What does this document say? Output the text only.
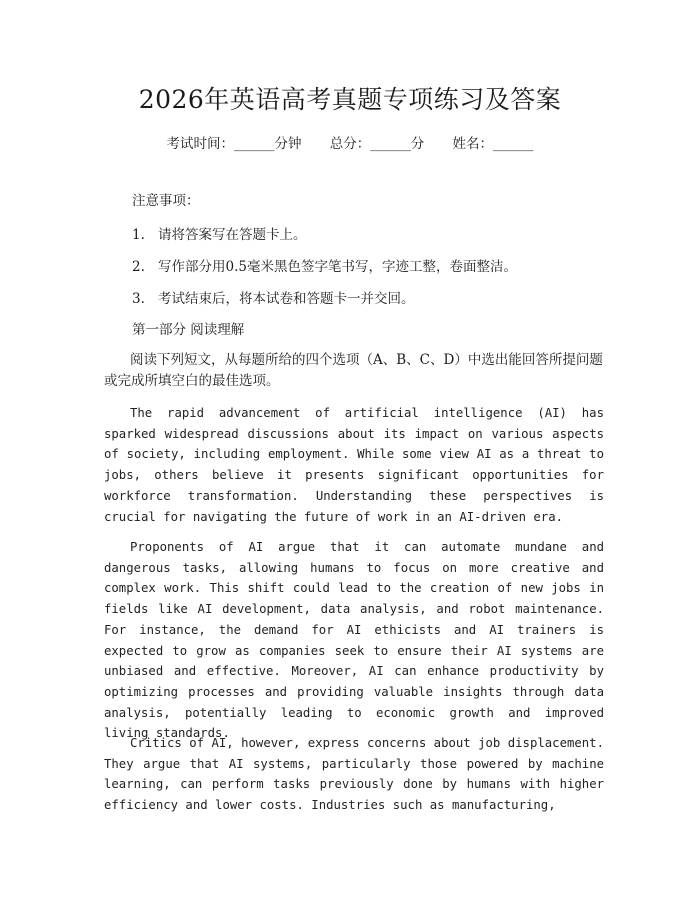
2026年英语高考真题专项练习及答案
考试时间：______分钟 总分：______分 姓名：______
注意事项：
1. 请将答案写在答题卡上。
2. 写作部分用0.5毫米黑色签字笔书写，字迹工整，卷面整洁。
3. 考试结束后，将本试卷和答题卡一并交回。
第一部分 阅读理解
阅读下列短文，从每题所给的四个选项（A、B、C、D）中选出能回答所提问题或完成所填空白的最佳选项。
The rapid advancement of artificial intelligence (AI) has sparked widespread discussions about its impact on various aspects of society, including employment. While some view AI as a threat to jobs, others believe it presents significant opportunities for workforce transformation. Understanding these perspectives is crucial for navigating the future of work in an AI-driven era.
Proponents of AI argue that it can automate mundane and dangerous tasks, allowing humans to focus on more creative and complex work. This shift could lead to the creation of new jobs in fields like AI development, data analysis, and robot maintenance. For instance, the demand for AI ethicists and AI trainers is expected to grow as companies seek to ensure their AI systems are unbiased and effective. Moreover, AI can enhance productivity by optimizing processes and providing valuable insights through data analysis, potentially leading to economic growth and improved living standards.
Critics of AI, however, express concerns about job displacement. They argue that AI systems, particularly those powered by machine learning, can perform tasks previously done by humans with higher efficiency and lower costs. Industries such as manufacturing,
